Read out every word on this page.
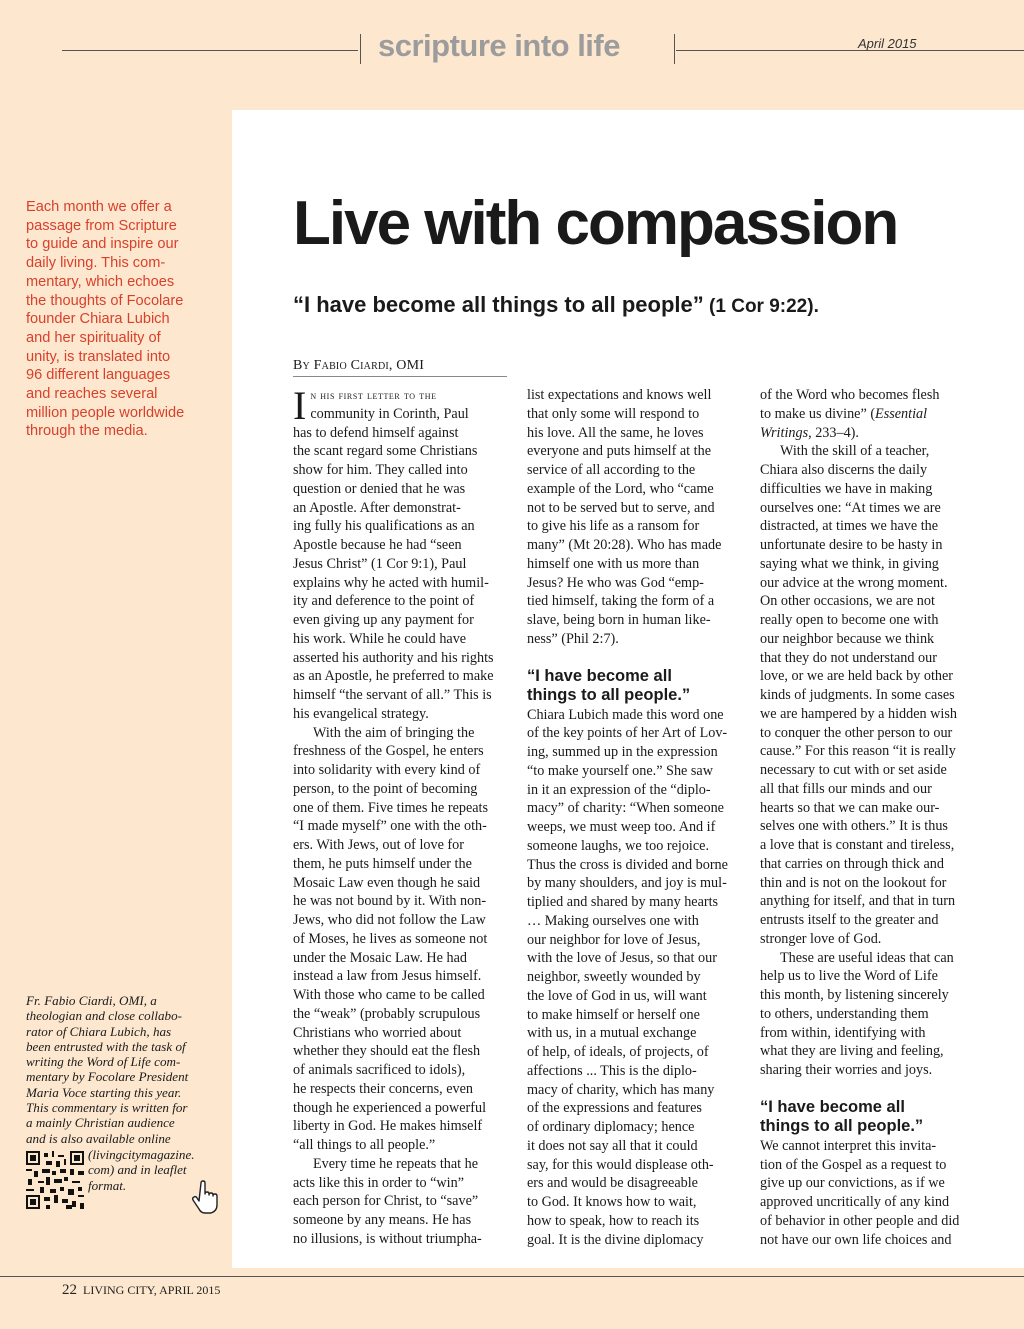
scripture into life	April 2015
Each month we offer a
passage from Scripture
to guide and inspire our
daily living. This com-
mentary, which echoes
the thoughts of Focolare
founder Chiara Lubich
and her spirituality of
unity, is translated into
96 different languages
and reaches several
million people worldwide
through the media.
Fr. Fabio Ciardi, OMI, a
theologian and close collabo-
rator of Chiara Lubich, has
been entrusted with the task of
writing the Word of Life com-
mentary by Focolare President
Maria Voce starting this year.
This commentary is written for
a mainly Christian audience
and is also available online
(livingcitymagazine.
com) and in leaflet
format.
Live with compassion
“I have become all things to all people” (1 Cor 9:22).
By Fabio Ciardi, OMI

In his first letter to the
community in Corinth, Paul
has to defend himself against
the scant regard some Christians
show for him. They called into
question or denied that he was
an Apostle. After demonstrat-
ing fully his qualifications as an
Apostle because he had “seen
Jesus Christ” (1 Cor 9:1), Paul
explains why he acted with humil-
ity and deference to the point of
even giving up any payment for
his work. While he could have
asserted his authority and his rights
as an Apostle, he preferred to make
himself “the servant of all.” This is
his evangelical strategy.

With the aim of bringing the
freshness of the Gospel, he enters
into solidarity with every kind of
person, to the point of becoming
one of them. Five times he repeats
“I made myself” one with the oth-
ers. With Jews, out of love for
them, he puts himself under the
Mosaic Law even though he said
he was not bound by it. With non-
Jews, who did not follow the Law
of Moses, he lives as someone not
under the Mosaic Law. He had
instead a law from Jesus himself.
With those who came to be called
the “weak” (probably scrupulous
Christians who worried about
whether they should eat the flesh
of animals sacrificed to idols),
he respects their concerns, even
though he experienced a powerful
liberty in God. He makes himself
“all things to all people.”

Every time he repeats that he
acts like this in order to “win”
each person for Christ, to “save”
someone by any means. He has
no illusions, is without triumpha-

list expectations and knows well
that only some will respond to
his love. All the same, he loves
everyone and puts himself at the
service of all according to the
example of the Lord, who “came
not to be served but to serve, and
to give his life as a ransom for
many” (Mt 20:28). Who has made
himself one with us more than
Jesus? He who was God “emp-
tied himself, taking the form of a
slave, being born in human like-
ness” (Phil 2:7).

“I have become all
things to all people.”

Chiara Lubich made this word one
of the key points of her Art of Lov-
ing, summed up in the expression
“to make yourself one.” She saw
in it an expression of the “diplo-
macy” of charity: “When someone
weeps, we must weep too. And if
someone laughs, we too rejoice.
Thus the cross is divided and borne
by many shoulders, and joy is mul-
tiplied and shared by many hearts
… Making ourselves one with
our neighbor for love of Jesus,
with the love of Jesus, so that our
neighbor, sweetly wounded by
the love of God in us, will want
to make himself or herself one
with us, in a mutual exchange
of help, of ideals, of projects, of
affections ... This is the diplo-
macy of charity, which has many
of the expressions and features
of ordinary diplomacy; hence
it does not say all that it could
say, for this would displease oth-
ers and would be disagreeable
to God. It knows how to wait,
how to speak, how to reach its
goal. It is the divine diplomacy

of the Word who becomes flesh
to make us divine” (Essential
Writings, 233–4).

With the skill of a teacher,
Chiara also discerns the daily
difficulties we have in making
ourselves one: “At times we are
distracted, at times we have the
unfortunate desire to be hasty in
saying what we think, in giving
our advice at the wrong moment.
On other occasions, we are not
really open to become one with
our neighbor because we think
that they do not understand our
love, or we are held back by other
kinds of judgments. In some cases
we are hampered by a hidden wish
to conquer the other person to our
cause.” For this reason “it is really
necessary to cut with or set aside
all that fills our minds and our
hearts so that we can make our-
selves one with others.” It is thus
a love that is constant and tireless,
that carries on through thick and
thin and is not on the lookout for
anything for itself, and that in turn
entrusts itself to the greater and
stronger love of God.

These are useful ideas that can
help us to live the Word of Life
this month, by listening sincerely
to others, understanding them
from within, identifying with
what they are living and feeling,
sharing their worries and joys.

“I have become all
things to all people.”

We cannot interpret this invita-
tion of the Gospel as a request to
give up our convictions, as if we
approved uncritically of any kind
of behavior in other people and did
not have our own life choices and

22 LIVING CITY, APRIL 2015
